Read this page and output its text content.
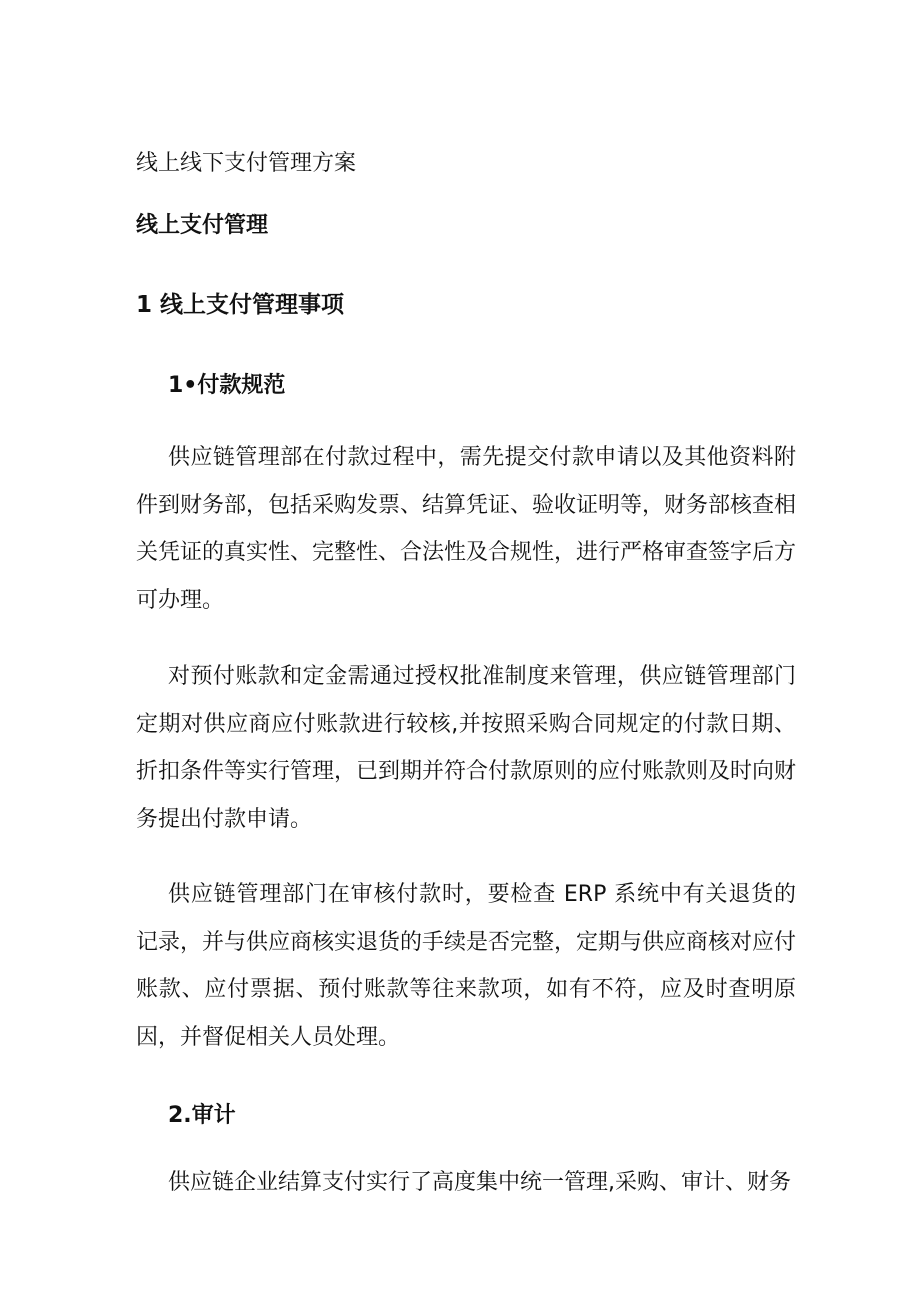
线上线下支付管理方案
线上支付管理
1 线上支付管理事项
1•付款规范

供应链管理部在付款过程中，需先提交付款申请以及其他资料附件到财务部，包括采购发票、结算凭证、验收证明等，财务部核查相关凭证的真实性、完整性、合法性及合规性，进行严格审查签字后方可办理。

对预付账款和定金需通过授权批准制度来管理，供应链管理部门定期对供应商应付账款进行较核,并按照采购合同规定的付款日期、折扣条件等实行管理，已到期并符合付款原则的应付账款则及时向财务提出付款申请。

供应链管理部门在审核付款时，要检查 ERP 系统中有关退货的记录，并与供应商核实退货的手续是否完整，定期与供应商核对应付账款、应付票据、预付账款等往来款项，如有不符，应及时查明原因，并督促相关人员处理。

2.审计

供应链企业结算支付实行了高度集中统一管理,采购、审计、财务
